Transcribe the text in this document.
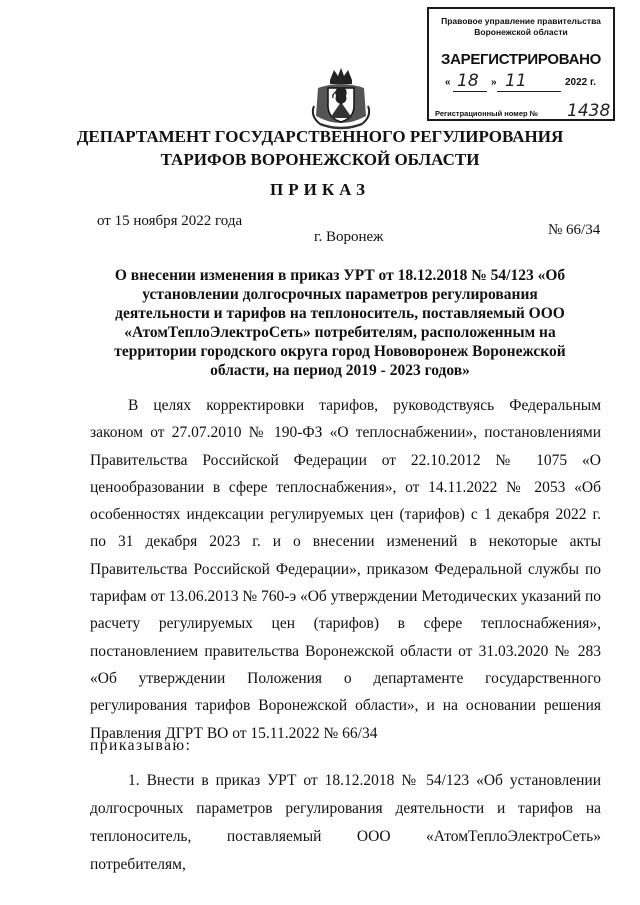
Правовое управление правительства
Воронежской области
ЗАРЕГИСТРИРОВАНО
« 18 » 11	2022 г.
Регистрационный номер № 1438
ДЕПАРТАМЕНТ ГОСУДАРСТВЕННОГО РЕГУЛИРОВАНИЯ
ТАРИФОВ ВОРОНЕЖСКОЙ ОБЛАСТИ
ПРИКАЗ
от 15 ноября 2022 года
г. Воронеж	№ 66/34
О внесении изменения в приказ УРТ от 18.12.2018 № 54/123 «Об установлении долгосрочных параметров регулирования деятельности и тарифов на теплоноситель, поставляемый ООО «АтомТеплоЭлектроСеть» потребителям, расположенным на территории городского округа город Нововоронеж Воронежской области, на период 2019 - 2023 годов»

В целях корректировки тарифов, руководствуясь Федеральным законом от 27.07.2010 № 190-ФЗ «О теплоснабжении», постановлениями Правительства Российской Федерации от 22.10.2012 № 1075 «О ценообразовании в сфере теплоснабжения», от 14.11.2022 № 2053 «Об особенностях индексации регулируемых цен (тарифов) с 1 декабря 2022 г. по 31 декабря 2023 г. и о внесении изменений в некоторые акты Правительства Российской Федерации», приказом Федеральной службы по тарифам от 13.06.2013 № 760-э «Об утверждении Методических указаний по расчету регулируемых цен (тарифов) в сфере теплоснабжения», постановлением правительства Воронежской области от 31.03.2020 № 283 «Об утверждении Положения о департаменте государственного регулирования тарифов Воронежской области», и на основании решения Правления ДГРТ ВО от 15.11.2022 № 66/34

приказываю:

1. Внести в приказ УРТ от 18.12.2018 № 54/123 «Об установлении долгосрочных параметров регулирования деятельности и тарифов на теплоноситель, поставляемый ООО «АтомТеплоЭлектроСеть» потребителям,
